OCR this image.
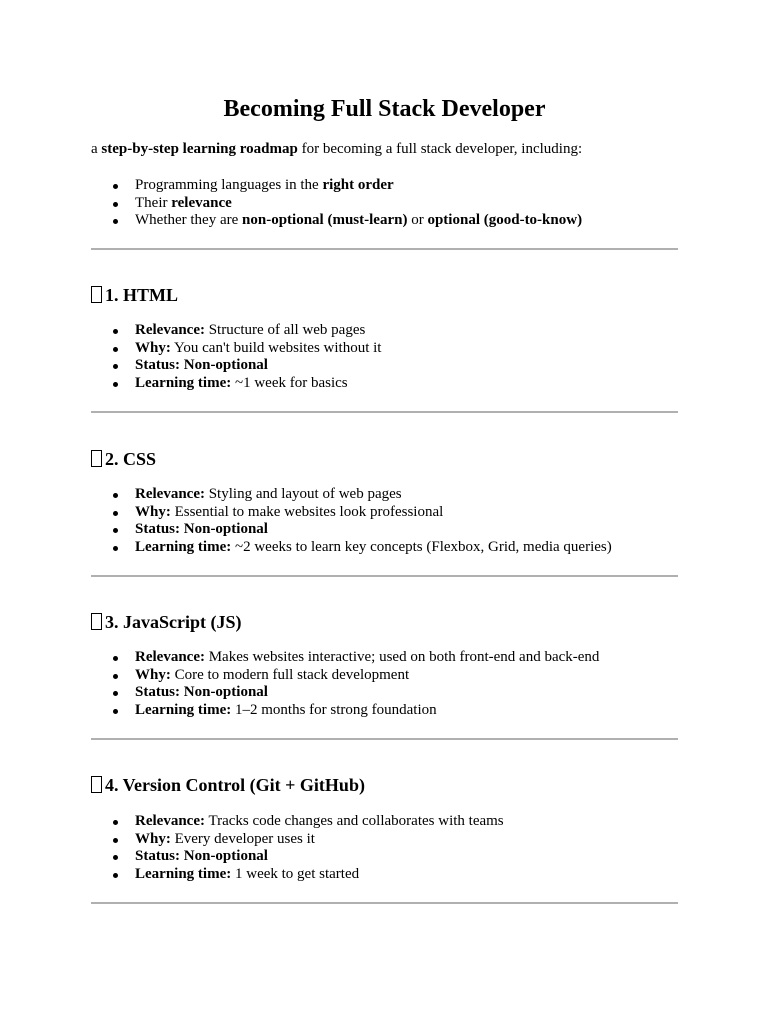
Becoming Full Stack Developer

a step-by-step learning roadmap for becoming a full stack developer, including:

Programming languages in the right order
Their relevance
Whether they are non-optional (must-learn) or optional (good-to-know)
1. HTML
Relevance: Structure of all web pages
Why: You can't build websites without it
Status: Non-optional
Learning time: ~1 week for basics
2. CSS
Relevance: Styling and layout of web pages
Why: Essential to make websites look professional
Status: Non-optional
Learning time: ~2 weeks to learn key concepts (Flexbox, Grid, media queries)
3. JavaScript (JS)
Relevance: Makes websites interactive; used on both front-end and back-end
Why: Core to modern full stack development
Status: Non-optional
Learning time: 1–2 months for strong foundation
4. Version Control (Git + GitHub)
Relevance: Tracks code changes and collaborates with teams
Why: Every developer uses it
Status: Non-optional
Learning time: 1 week to get started
